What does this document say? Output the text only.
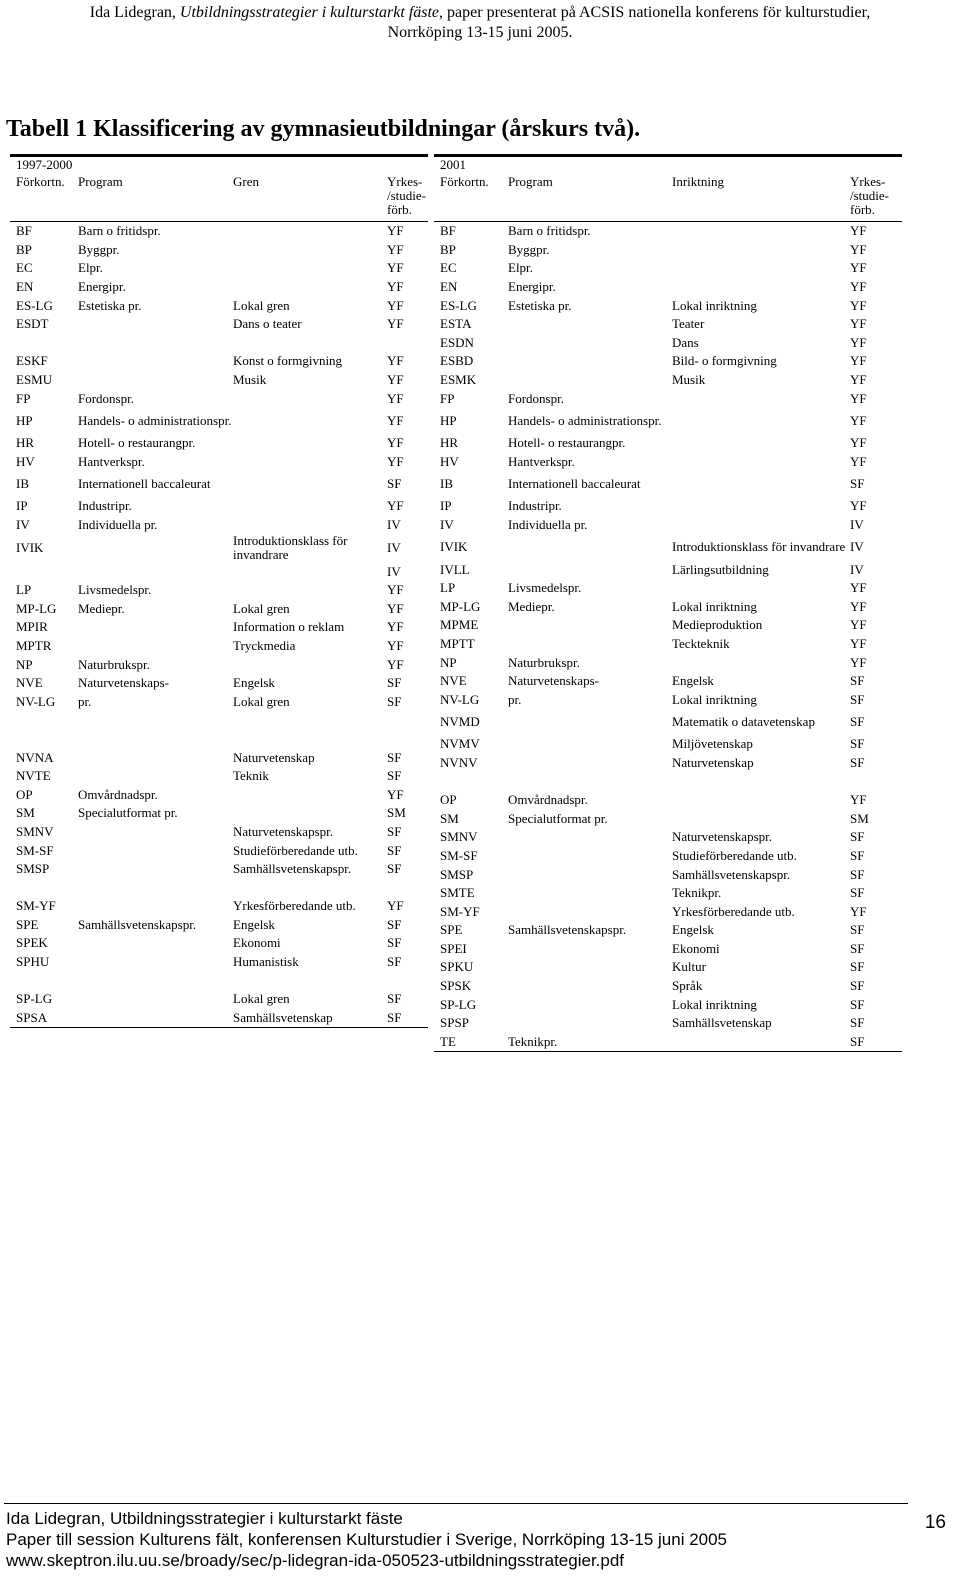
Ida Lidegran, Utbildningsstrategier i kulturstarkt fäste, paper presenterat på ACSIS nationella konferens för kulturstudier,
Norrköping 13-15 juni 2005.
Tabell 1 Klassificering av gymnasieutbildningar (årskurs två).
1997-2000			
Förkortn.	Program	Gren	Yrkes-
/studie-
förb.

BF	Barn o fritidspr.		YF
BP	Byggpr.		YF
EC	Elpr.		YF
EN	Energipr.		YF
ES-LG	Estetiska pr.	Lokal gren	YF
ESDT		Dans o teater	YF

ESKF		Konst o formgivning	YF
ESMU		Musik	YF
FP	Fordonspr.		YF
HP	Handels- o administrationspr.		YF
HR	Hotell- o restaurangpr.		YF
HV	Hantverkspr.		YF
IB	Internationell baccaleurat		SF
IP	Industripr.		YF
IV	Individuella pr.		IV
IVIK		Introduktionsklass för invandrare	IV
			IV
LP	Livsmedelspr.		YF
MP-LG	Mediepr.	Lokal gren	YF
MPIR		Information o reklam	YF
MPTR		Tryckmedia	YF
NP	Naturbrukspr.		YF
NVE	Naturvetenskaps-	Engelsk	SF
NV-LG	pr.	Lokal gren	SF

NVNA		Naturvetenskap	SF
NVTE		Teknik	SF
OP	Omvårdnadspr.		YF
SM	Specialutformat pr.		SM
SMNV		Naturvetenskapspr.	SF
SM-SF		Studieförberedande utb.	SF
SMSP		Samhällsvetenskapspr.	SF

SM-YF		Yrkesförberedande utb.	YF
SPE	Samhällsvetenskapspr.	Engelsk	SF
SPEK		Ekonomi	SF
SPHU		Humanistisk	SF

SP-LG		Lokal gren	SF
SPSA		Samhällsvetenskap	SF
2001			
Förkortn.	Program	Inriktning	Yrkes-
/studie-
förb.

BF	Barn o fritidspr.		YF
BP	Byggpr.		YF
EC	Elpr.		YF
EN	Energipr.		YF
ES-LG	Estetiska pr.	Lokal inriktning	YF
ESTA		Teater	YF
ESDN		Dans	YF
ESBD		Bild- o formgivning	YF
ESMK		Musik	YF
FP	Fordonspr.		YF
HP	Handels- o administrationspr.		YF
HR	Hotell- o restaurangpr.		YF
HV	Hantverkspr.		YF
IB	Internationell baccaleurat		SF
IP	Industripr.		YF
IV	Individuella pr.		IV
IVIK		Introduktionsklass för invandrare	IV
IVLL		Lärlingsutbildning	IV
LP	Livsmedelspr.		YF
MP-LG	Mediepr.	Lokal inriktning	YF
MPME		Medieproduktion	YF
MPTT		Teckteknik	YF
NP	Naturbrukspr.		YF
NVE	Naturvetenskaps-	Engelsk	SF
NV-LG	pr.	Lokal inriktning	SF
NVMD		Matematik o datavetenskap	SF
NVMV		Miljövetenskap	SF
NVNV		Naturvetenskap	SF

OP	Omvårdnadspr.		YF
SM	Specialutformat pr.		SM
SMNV		Naturvetenskapspr.	SF
SM-SF		Studieförberedande utb.	SF
SMSP		Samhällsvetenskapspr.	SF
SMTE		Teknikpr.	SF
SM-YF		Yrkesförberedande utb.	YF
SPE	Samhällsvetenskapspr.	Engelsk	SF
SPEI		Ekonomi	SF
SPKU		Kultur	SF
SPSK		Språk	SF
SP-LG		Lokal inriktning	SF
SPSP		Samhällsvetenskap	SF
TE	Teknikpr.		SF
Ida Lidegran, Utbildningsstrategier i kulturstarkt fäste
Paper till session Kulturens fält, konferensen Kulturstudier i Sverige, Norrköping 13-15 juni 2005
www.skeptron.ilu.uu.se/broady/sec/p-lidegran-ida-050523-utbildningsstrategier.pdf
16
